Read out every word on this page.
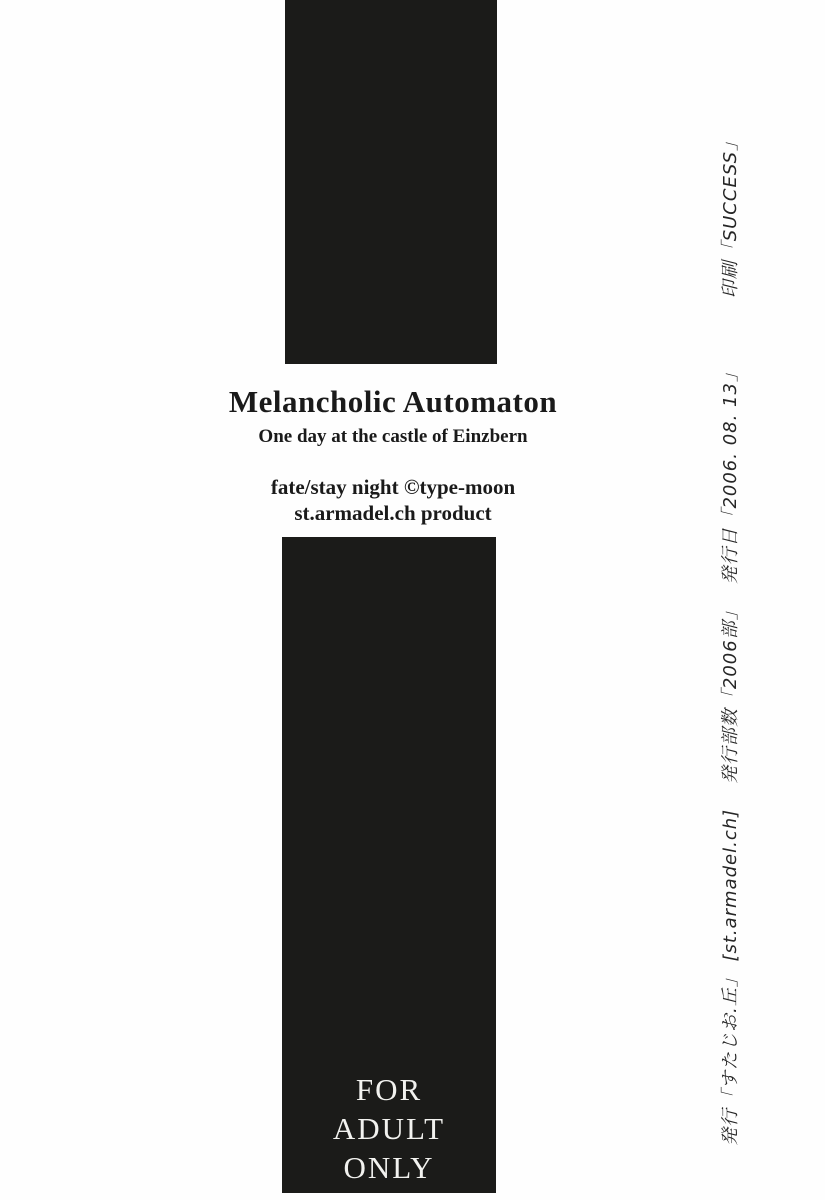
Melancholic Automaton
One day at the castle of Einzbern

fate/stay night ©type-moon

st.armadel.ch product

FOR
ADULT
ONLY
発行「すたじお.丘」 [st.armadel.ch] 発行部数「2006部」 発行日「2006. 08. 13」 印刷「SUCCESS」
